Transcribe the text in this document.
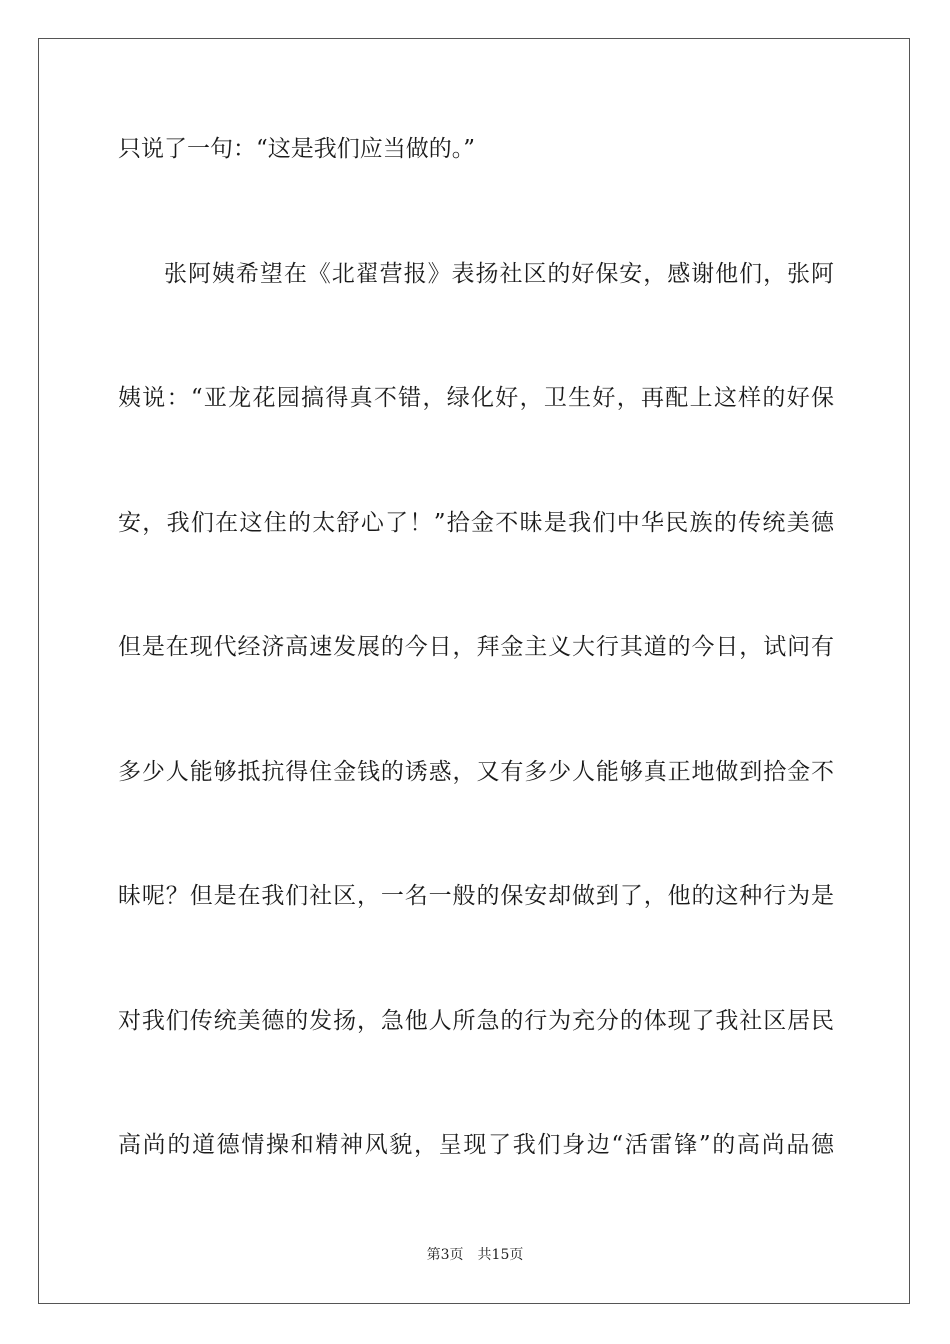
只说了一句：“这是我们应当做的。”

张阿姨希望在《北翟营报》表扬社区的好保安，感谢他们，张阿

姨说：“亚龙花园搞得真不错，绿化好，卫生好，再配上这样的好保

安，我们在这住的太舒心了！”拾金不昧是我们中华民族的传统美德

但是在现代经济高速发展的今日，拜金主义大行其道的今日，试问有

多少人能够抵抗得住金钱的诱惑，又有多少人能够真正地做到拾金不

昧呢？但是在我们社区，一名一般的保安却做到了，他的这种行为是

对我们传统美德的发扬，急他人所急的行为充分的体现了我社区居民

高尚的道德情操和精神风貌，呈现了我们身边“活雷锋”的高尚品德

第3页 共15页
